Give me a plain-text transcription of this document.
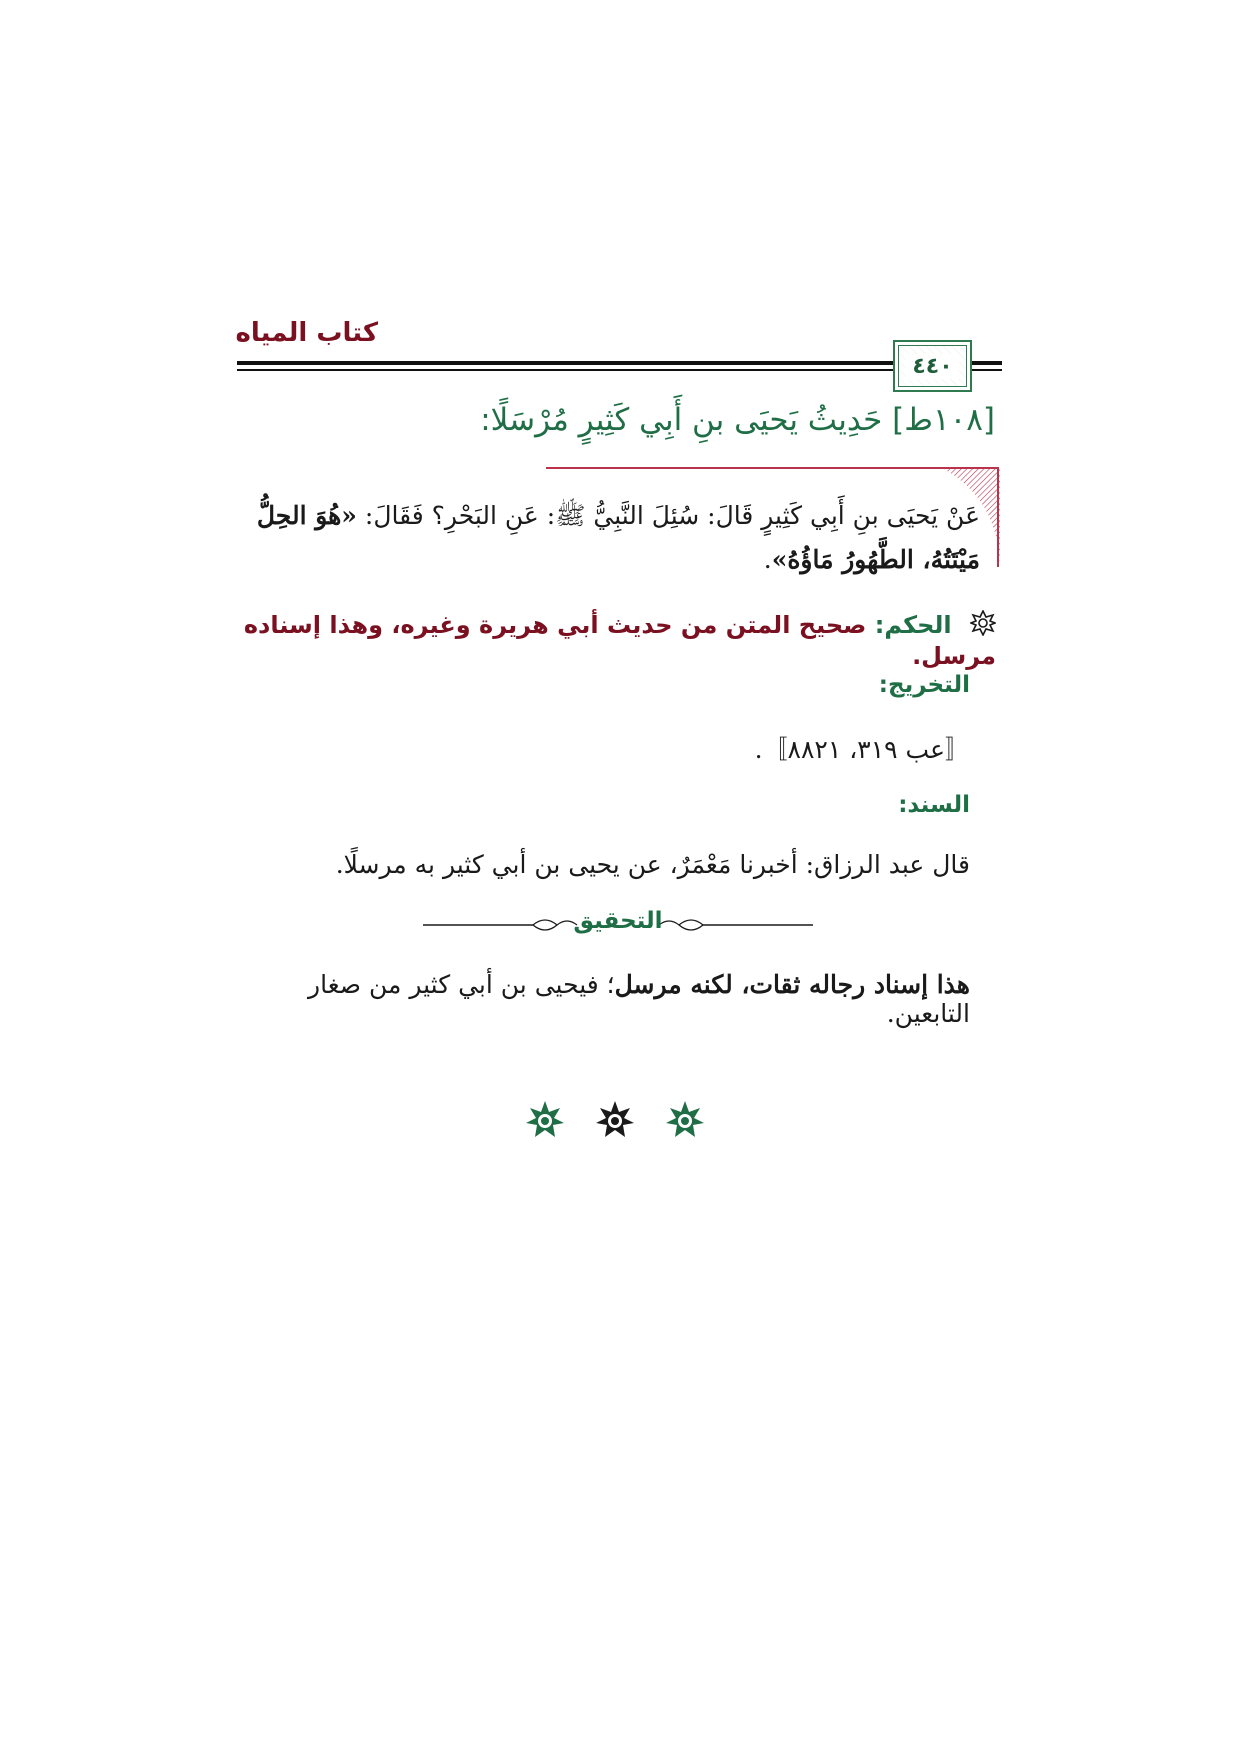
كتاب المياه
٤٤٠
[١٠٨ط] حَدِيثُ يَحيَى بنِ أَبِي كَثِيرٍ مُرْسَلًا:
عَنْ يَحيَى بنِ أَبِي كَثِيرٍ قَالَ: سُئِلَ النَّبِيُّ ﷺ: عَنِ البَحْرِ؟ فَقَالَ: «هُوَ الحِلُّ مَيْتَتُهُ، الطَّهُورُ مَاؤُهُ».
الحكم: صحيح المتن من حديث أبي هريرة وغيره، وهذا إسناده مرسل.
التخريج:
〚عب ٣١٩، ٨٨٢١〛.
السند:
قال عبد الرزاق: أخبرنا مَعْمَرٌ، عن يحيى بن أبي كثير به مرسلًا.
التحقيق
هذا إسناد رجاله ثقات، لكنه مرسل؛ فيحيى بن أبي كثير من صغار التابعين.
